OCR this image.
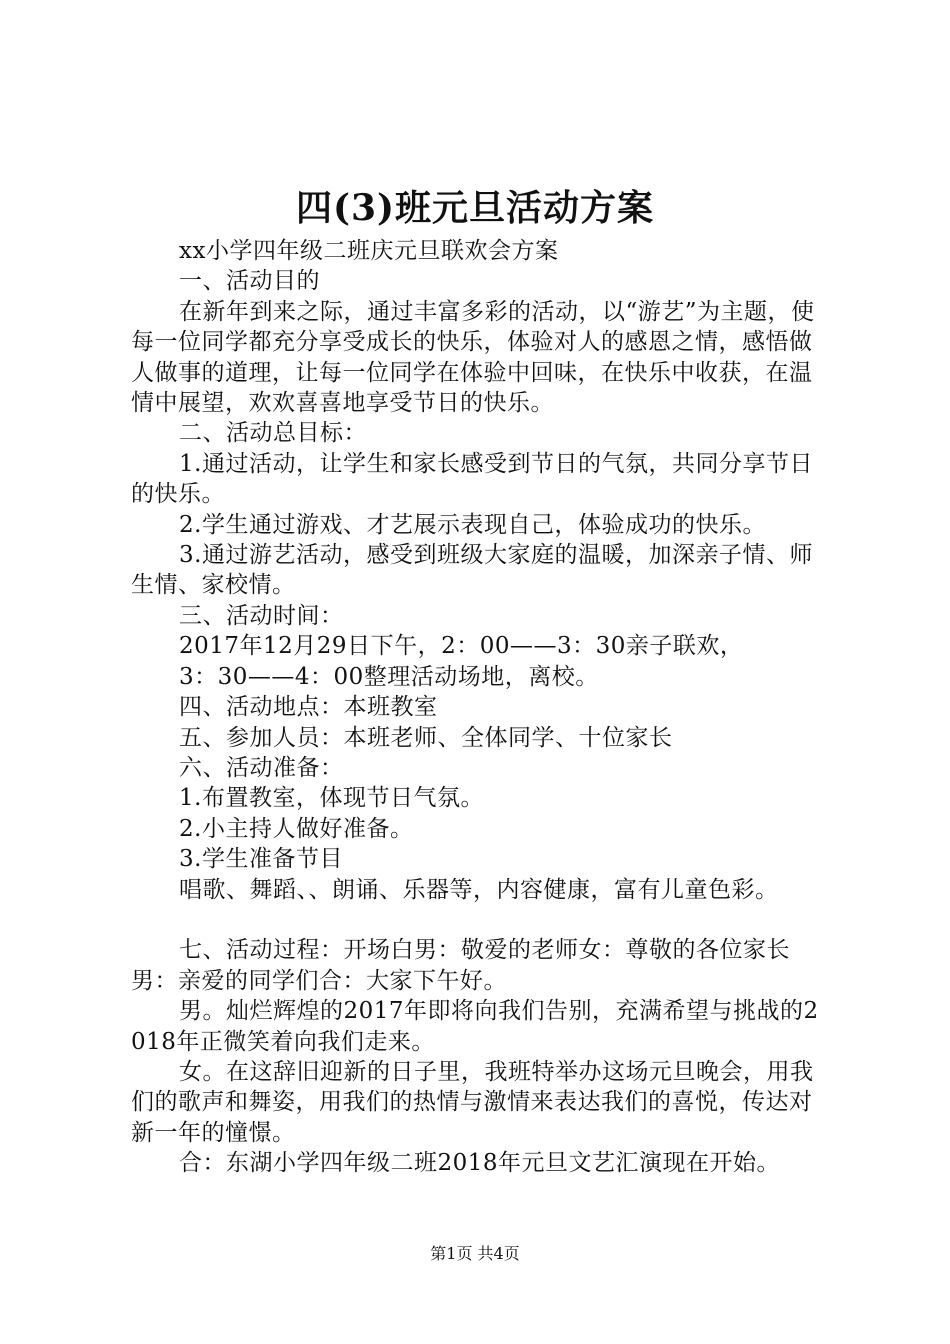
四(3)班元旦活动方案

xx小学四年级二班庆元旦联欢会方案

一、活动目的

在新年到来之际，通过丰富多彩的活动，以“游艺”为主题，使每一位同学都充分享受成长的快乐，体验对人的感恩之情，感悟做人做事的道理，让每一位同学在体验中回味，在快乐中收获，在温情中展望，欢欢喜喜地享受节日的快乐。

二、活动总目标：

1.通过活动，让学生和家长感受到节日的气氛，共同分享节日的快乐。

2.学生通过游戏、才艺展示表现自己，体验成功的快乐。

3.通过游艺活动，感受到班级大家庭的温暖，加深亲子情、师生情、家校情。

三、活动时间：

2017年12月29日下午，2：00——3：30亲子联欢，

3：30——4：00整理活动场地，离校。

四、活动地点：本班教室

五、参加人员：本班老师、全体同学、十位家长

六、活动准备：

1.布置教室，体现节日气氛。

2.小主持人做好准备。

3.学生准备节目

唱歌、舞蹈、、朗诵、乐器等，内容健康，富有儿童色彩。

七、活动过程：开场白男：敬爱的老师女：尊敬的各位家长男：亲爱的同学们合：大家下午好。

男。灿烂辉煌的2017年即将向我们告别，充满希望与挑战的2018年正微笑着向我们走来。

女。在这辞旧迎新的日子里，我班特举办这场元旦晚会，用我们的歌声和舞姿，用我们的热情与激情来表达我们的喜悦，传达对新一年的憧憬。

合：东湖小学四年级二班2018年元旦文艺汇演现在开始。

第1页 共4页
